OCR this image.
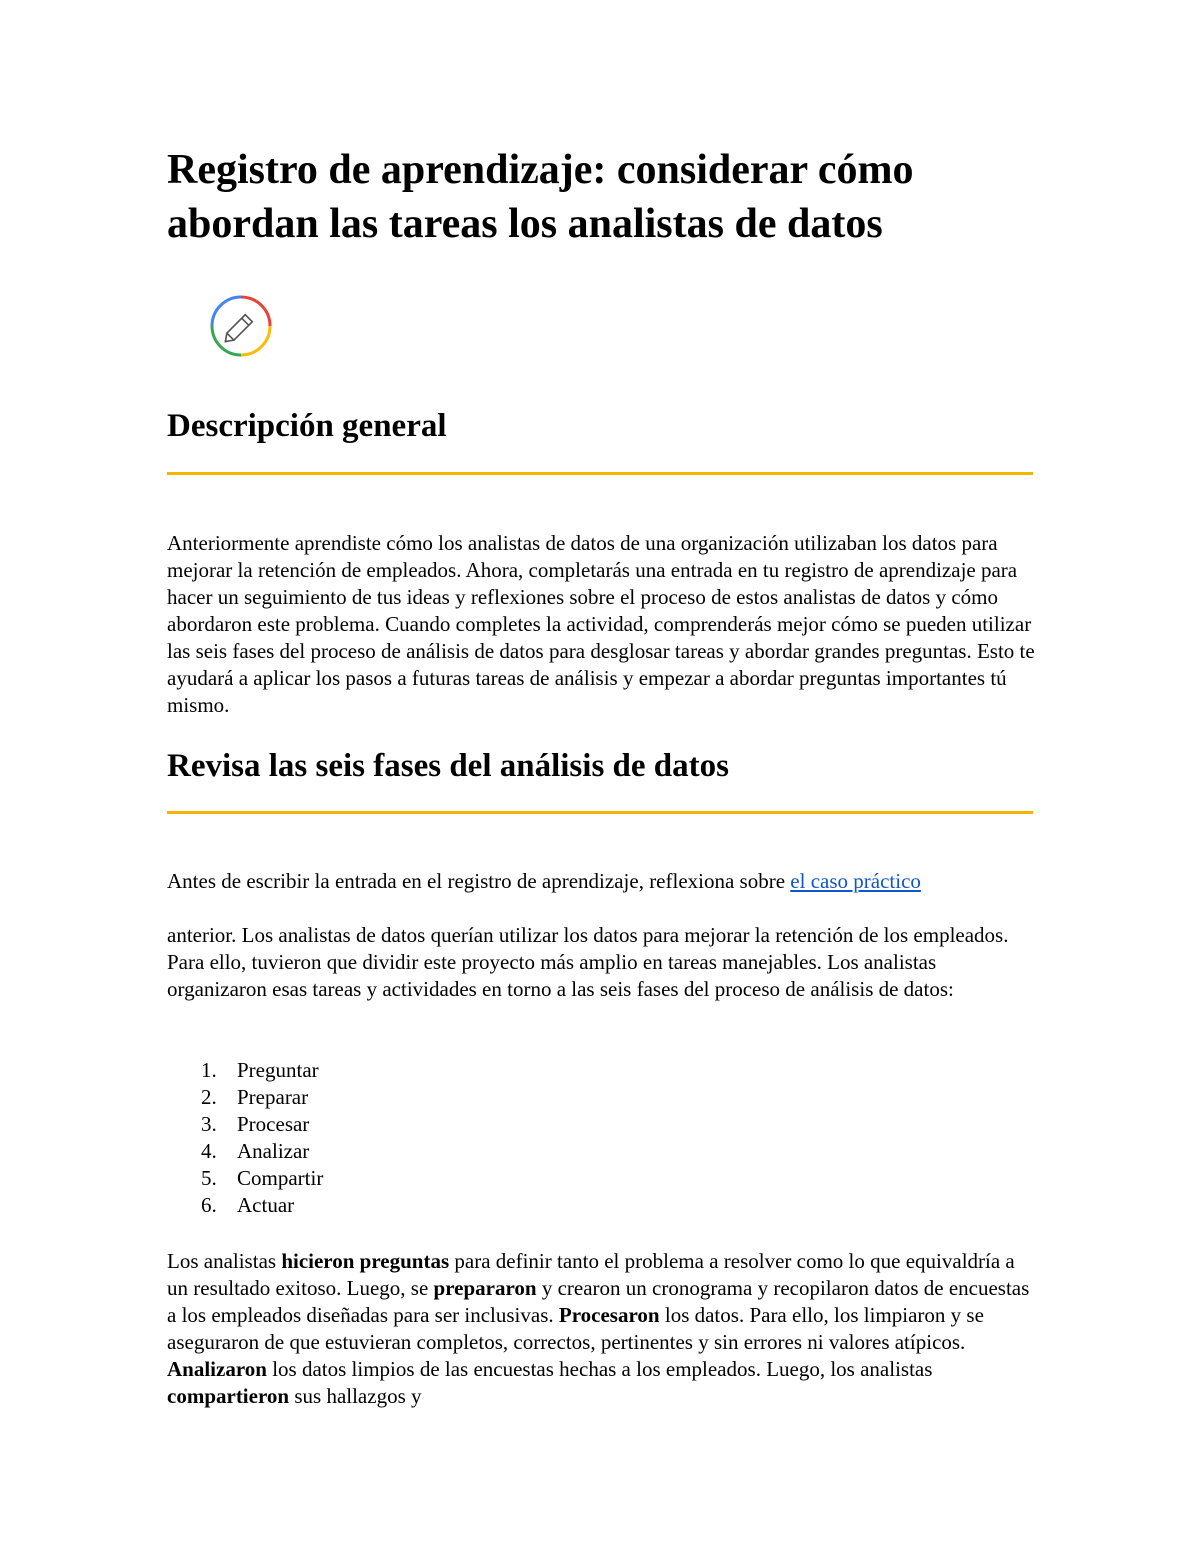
Registro de aprendizaje: considerar cómo abordan las tareas los analistas de datos
Descripción general

Anteriormente aprendiste cómo los analistas de datos de una organización utilizaban los datos para mejorar la retención de empleados. Ahora, completarás una entrada en tu registro de aprendizaje para hacer un seguimiento de tus ideas y reflexiones sobre el proceso de estos analistas de datos y cómo abordaron este problema. Cuando completes la actividad, comprenderás mejor cómo se pueden utilizar las seis fases del proceso de análisis de datos para desglosar tareas y abordar grandes preguntas. Esto te ayudará a aplicar los pasos a futuras tareas de análisis y empezar a abordar preguntas importantes tú mismo.

Revisa las seis fases del análisis de datos

Antes de escribir la entrada en el registro de aprendizaje, reflexiona sobre el caso práctico

anterior. Los analistas de datos querían utilizar los datos para mejorar la retención de los empleados. Para ello, tuvieron que dividir este proyecto más amplio en tareas manejables. Los analistas organizaron esas tareas y actividades en torno a las seis fases del proceso de análisis de datos:

1. Preguntar
2. Preparar
3. Procesar
4. Analizar
5. Compartir
6. Actuar

Los analistas hicieron preguntas para definir tanto el problema a resolver como lo que equivaldría a un resultado exitoso. Luego, se prepararon y crearon un cronograma y recopilaron datos de encuestas a los empleados diseñadas para ser inclusivas. Procesaron los datos. Para ello, los limpiaron y se aseguraron de que estuvieran completos, correctos, pertinentes y sin errores ni valores atípicos. Analizaron los datos limpios de las encuestas hechas a los empleados. Luego, los analistas compartieron sus hallazgos y
